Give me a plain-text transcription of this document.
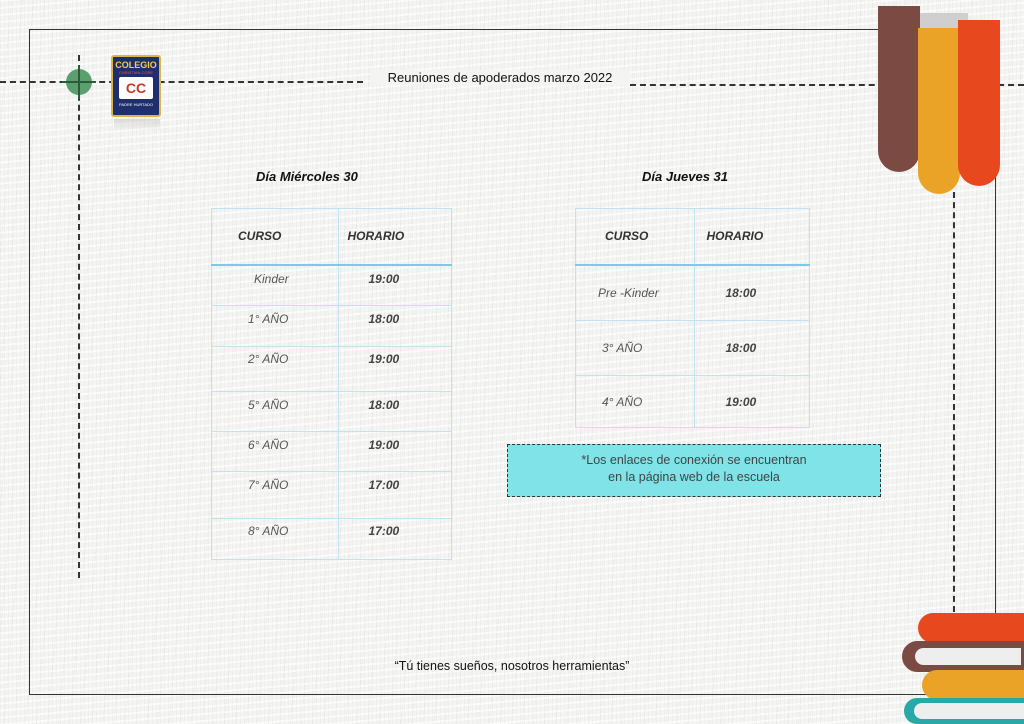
COLEGIO
CHRISTIAN CORE
CC
PADRE HURTADO
Reuniones de apoderados marzo 2022
Día Miércoles 30
CURSO	HORARIO
Kinder	19:00
1° AÑO	18:00
2° AÑO	19:00
5° AÑO	18:00
6° AÑO	19:00
7° AÑO	17:00
8° AÑO	17:00
Día Jueves 31
CURSO	HORARIO
Pre -Kinder	18:00
3° AÑO	18:00
4° AÑO	19:00
*Los enlaces de conexión se encuentran
en la página web de la escuela
“Tú tienes sueños, nosotros herramientas”
